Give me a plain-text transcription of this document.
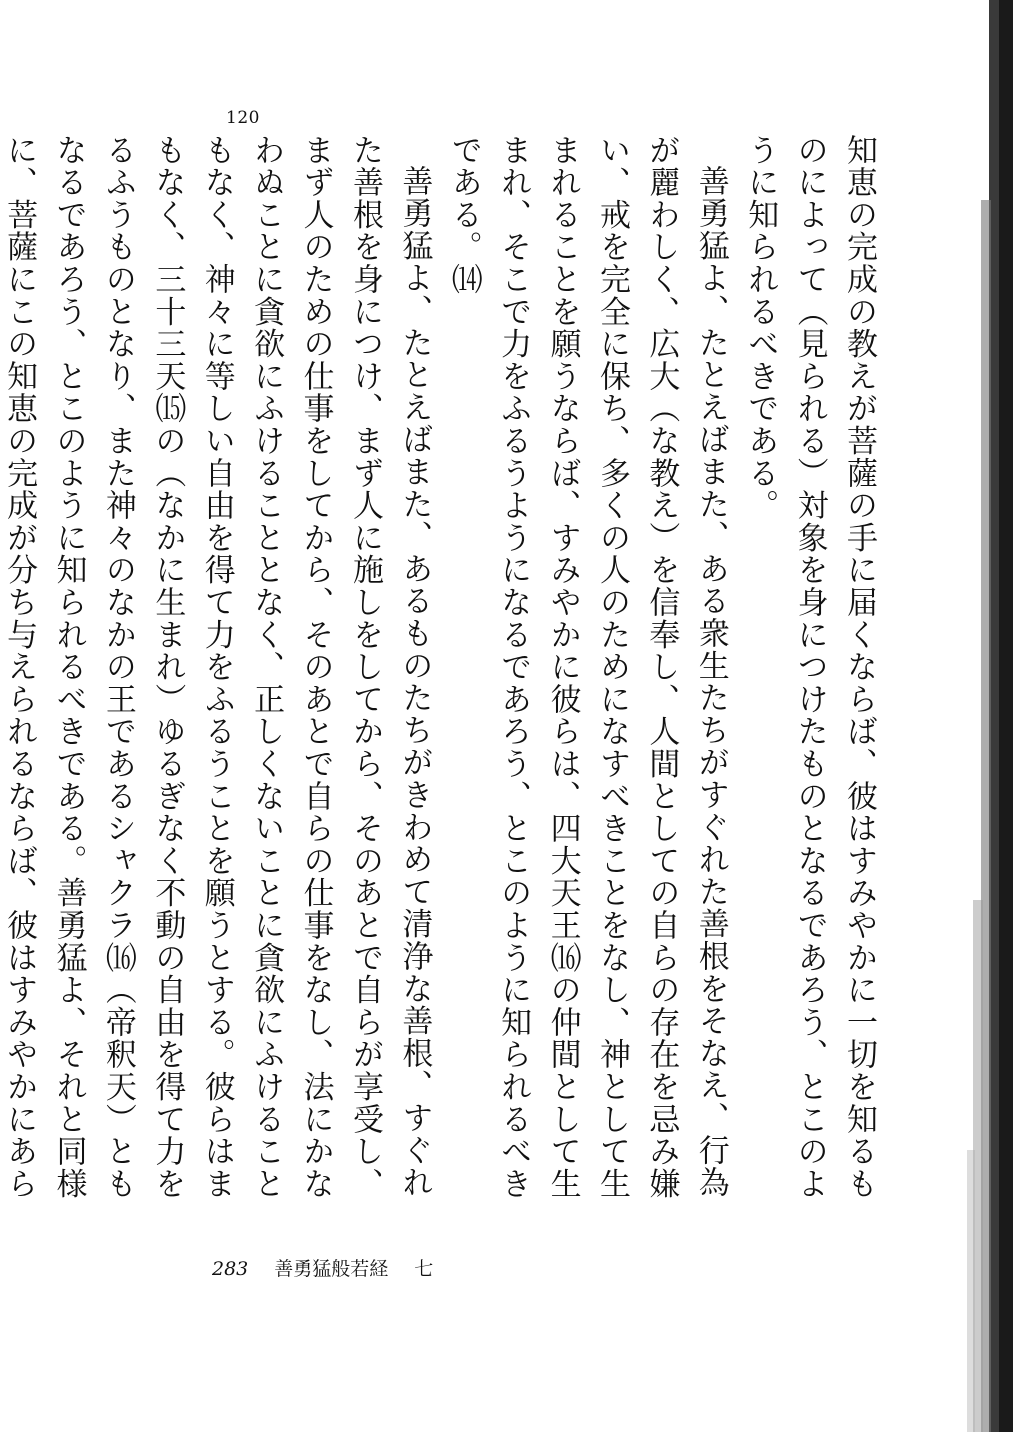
120

知恵の完成の教えが菩薩の手に届くならば、彼はすみやかに一切を知るものによって（見られる）対象を身につけたものとなるであろう、とこのように知られるべきである。

善勇猛よ、たとえばまた、ある衆生たちがすぐれた善根をそなえ、行為が麗わしく、広大（な教え）を信奉し、人間としての自らの存在を忌み嫌い、戒を完全に保ち、多くの人のためになすべきことをなし、神として生まれることを願うならば、すみやかに彼らは、四大天王⒃の仲間として生まれ、そこで力をふるうようになるであろう、とこのように知られるべきである。⒁

善勇猛よ、たとえばまた、あるものたちがきわめて清浄な善根、すぐれた善根を身につけ、まず人に施しをしてから、そのあとで自らが享受し、まず人のための仕事をしてから、そのあとで自らの仕事をなし、法にかなわぬことに貪欲にふけることとなく、正しくないことに貪欲にふけることもなく、神々に等しい自由を得て力をふるうことを願うとする。彼らはまもなく、三十三天⒂の（なかに生まれ）ゆるぎなく不動の自由を得て力をるふうものとなり、また神々のなかの王であるシャクラ⒃（帝釈天）ともなるであろう、とこのように知られるべきである。善勇猛よ、それと同様に、菩薩にこの知恵の完成が分ち与えられるならば、彼はすみやかにあら

283 善勇猛般若経 七
